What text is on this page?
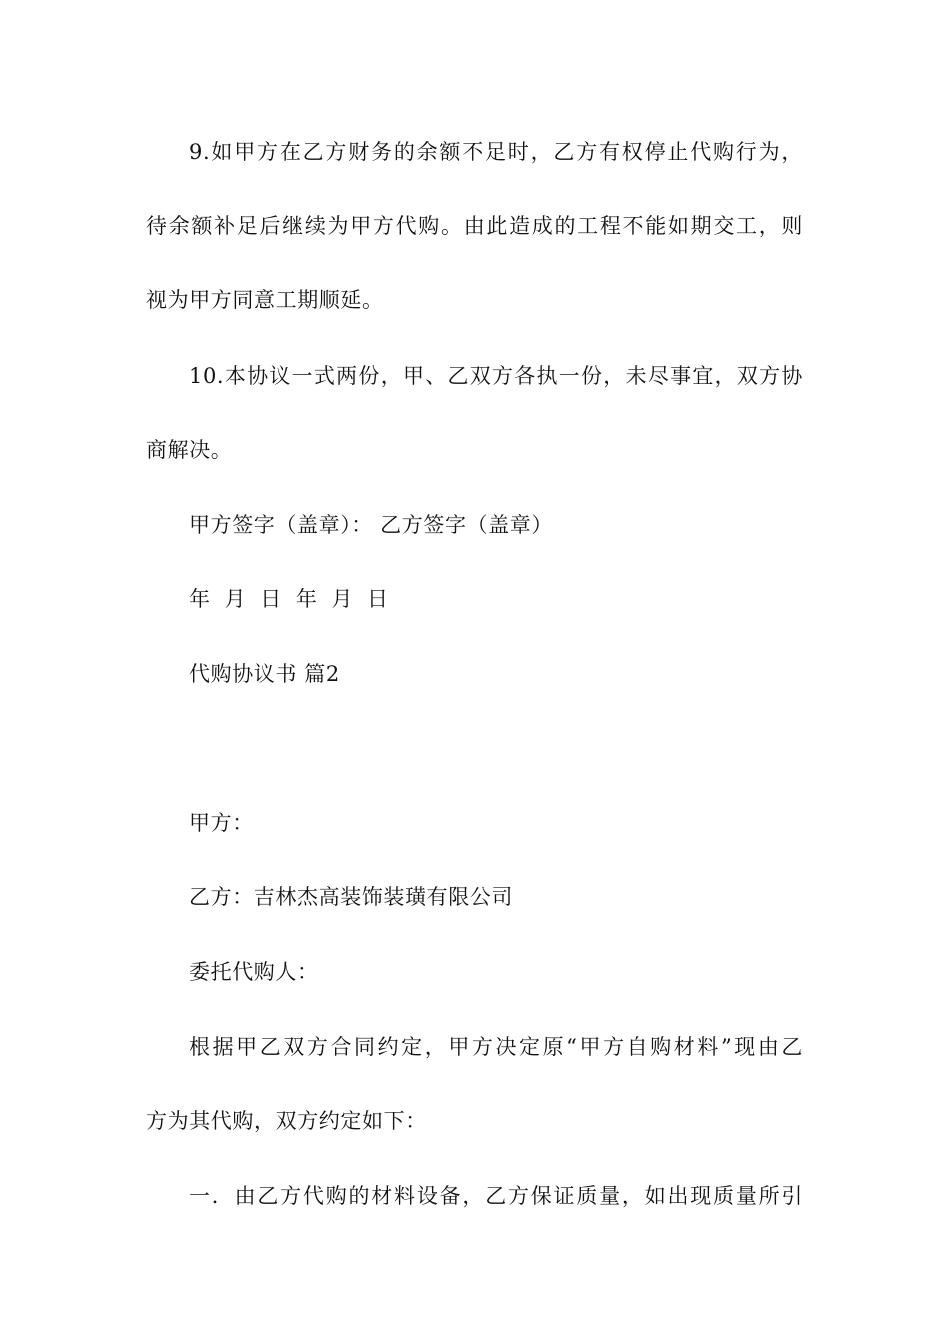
9.如甲方在乙方财务的余额不足时，乙方有权停止代购行为，
待余额补足后继续为甲方代购。由此造成的工程不能如期交工，则
视为甲方同意工期顺延。
10.本协议一式两份，甲、乙双方各执一份，未尽事宜，双方协
商解决。
甲方签字（盖章）： 乙方签字（盖章）
年 月 日 年 月 日
代购协议书 篇2
甲方：
乙方：吉林杰高装饰装璜有限公司
委托代购人：
根据甲乙双方合同约定，甲方决定原“甲方自购材料”现由乙
方为其代购，双方约定如下：
一．由乙方代购的材料设备，乙方保证质量，如出现质量所引
